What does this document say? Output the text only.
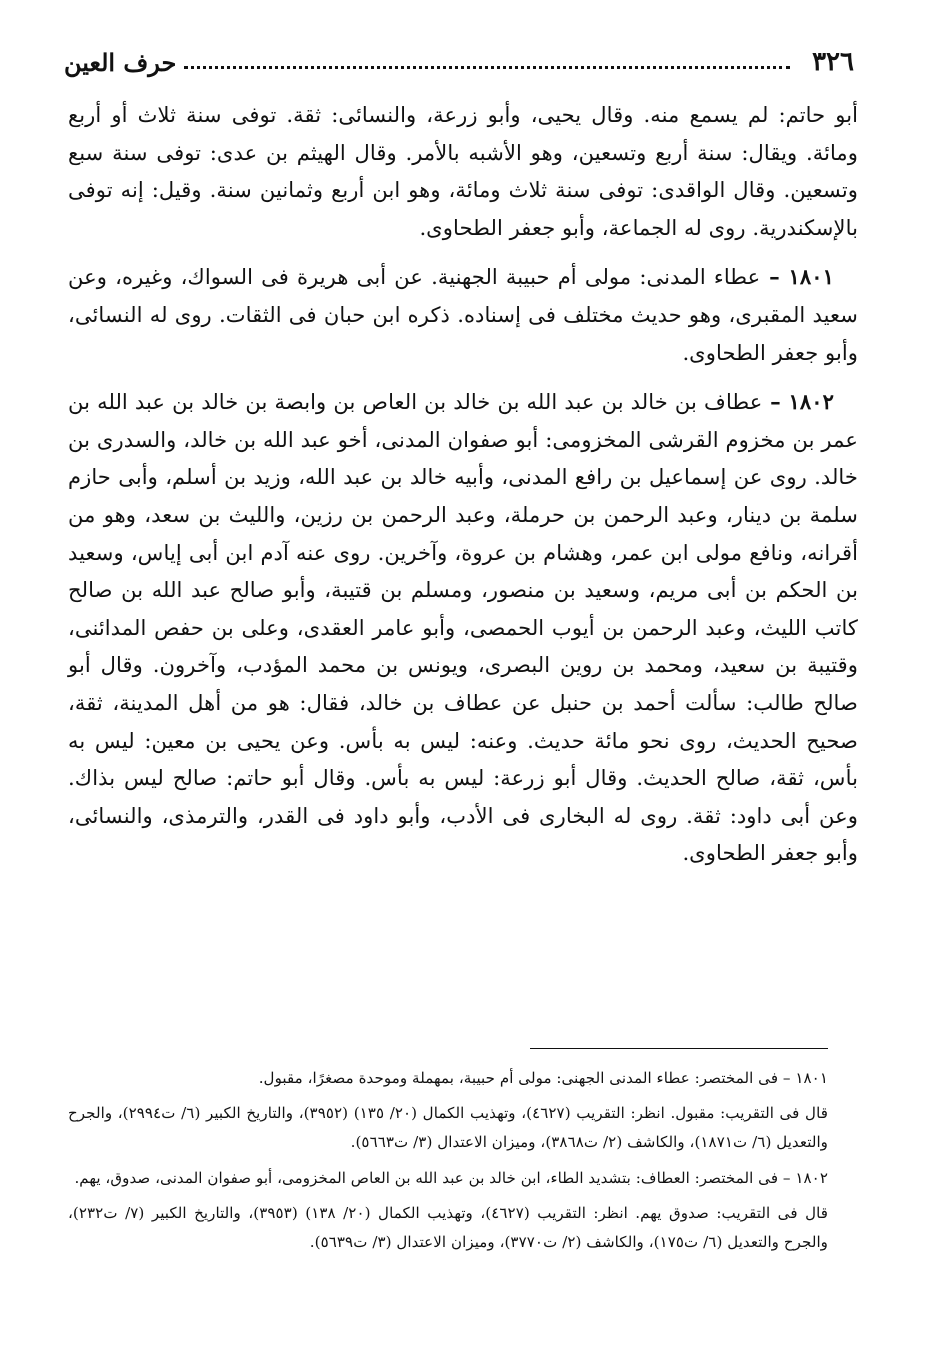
٣٢٦
حرف العين

أبو حاتم: لم يسمع منه. وقال يحيى، وأبو زرعة، والنسائى: ثقة. توفى سنة ثلاث أو أربع ومائة. ويقال: سنة أربع وتسعين، وهو الأشبه بالأمر. وقال الهيثم بن عدى: توفى سنة سبع وتسعين. وقال الواقدى: توفى سنة ثلاث ومائة، وهو ابن أربع وثمانين سنة. وقيل: إنه توفى بالإسكندرية. روى له الجماعة، وأبو جعفر الطحاوى.

١٨٠١ – عطاء المدنى: مولى أم حبيبة الجهنية. عن أبى هريرة فى السواك، وغيره، وعن سعيد المقبرى، وهو حديث مختلف فى إسناده. ذكره ابن حبان فى الثقات. روى له النسائى، وأبو جعفر الطحاوى.

١٨٠٢ – عطاف بن خالد بن عبد الله بن خالد بن العاص بن وابصة بن خالد بن عبد الله بن عمر بن مخزوم القرشى المخزومى: أبو صفوان المدنى، أخو عبد الله بن خالد، والسدرى بن خالد. روى عن إسماعيل بن رافع المدنى، وأبيه خالد بن عبد الله، وزيد بن أسلم، وأبى حازم سلمة بن دينار، وعبد الرحمن بن حرملة، وعبد الرحمن بن رزين، والليث بن سعد، وهو من أقرانه، ونافع مولى ابن عمر، وهشام بن عروة، وآخرين. روى عنه آدم ابن أبى إياس، وسعيد بن الحكم بن أبى مريم، وسعيد بن منصور، ومسلم بن قتيبة، وأبو صالح عبد الله بن صالح كاتب الليث، وعبد الرحمن بن أيوب الحمصى، وأبو عامر العقدى، وعلى بن حفص المدائنى، وقتيبة بن سعيد، ومحمد بن روين البصرى، ويونس بن محمد المؤدب، وآخرون. وقال أبو صالح طالب: سألت أحمد بن حنبل عن عطاف بن خالد، فقال: هو من أهل المدينة، ثقة، صحيح الحديث، روى نحو مائة حديث. وعنه: ليس به بأس. وعن يحيى بن معين: ليس به بأس، ثقة، صالح الحديث. وقال أبو زرعة: ليس به بأس. وقال أبو حاتم: صالح ليس بذاك. وعن أبى داود: ثقة. روى له البخارى فى الأدب، وأبو داود فى القدر، والترمذى، والنسائى، وأبو جعفر الطحاوى.

١٨٠١ – فى المختصر: عطاء المدنى الجهنى: مولى أم حبيبة، بمهملة وموحدة مصغرًا، مقبول.

قال فى التقريب: مقبول. انظر: التقريب (٤٦٢٧)، وتهذيب الكمال (٢٠/ ١٣٥) (٣٩٥٢)، والتاريخ الكبير (٦/ ت٢٩٩٤)، والجرح والتعديل (٦/ ت١٨٧١)، والكاشف (٢/ ت٣٨٦٨)، وميزان الاعتدال (٣/ ت٥٦٦٣).

١٨٠٢ – فى المختصر: العطاف: بتشديد الطاء، ابن خالد بن عبد الله بن العاص المخزومى، أبو صفوان المدنى، صدوق، يهم.

قال فى التقريب: صدوق يهم. انظر: التقريب (٤٦٢٧)، وتهذيب الكمال (٢٠/ ١٣٨) (٣٩٥٣)، والتاريخ الكبير (٧/ ت٢٣٢)، والجرح والتعديل (٦/ ت١٧٥)، والكاشف (٢/ ت٣٧٧٠)، وميزان الاعتدال (٣/ ت٥٦٣٩).
